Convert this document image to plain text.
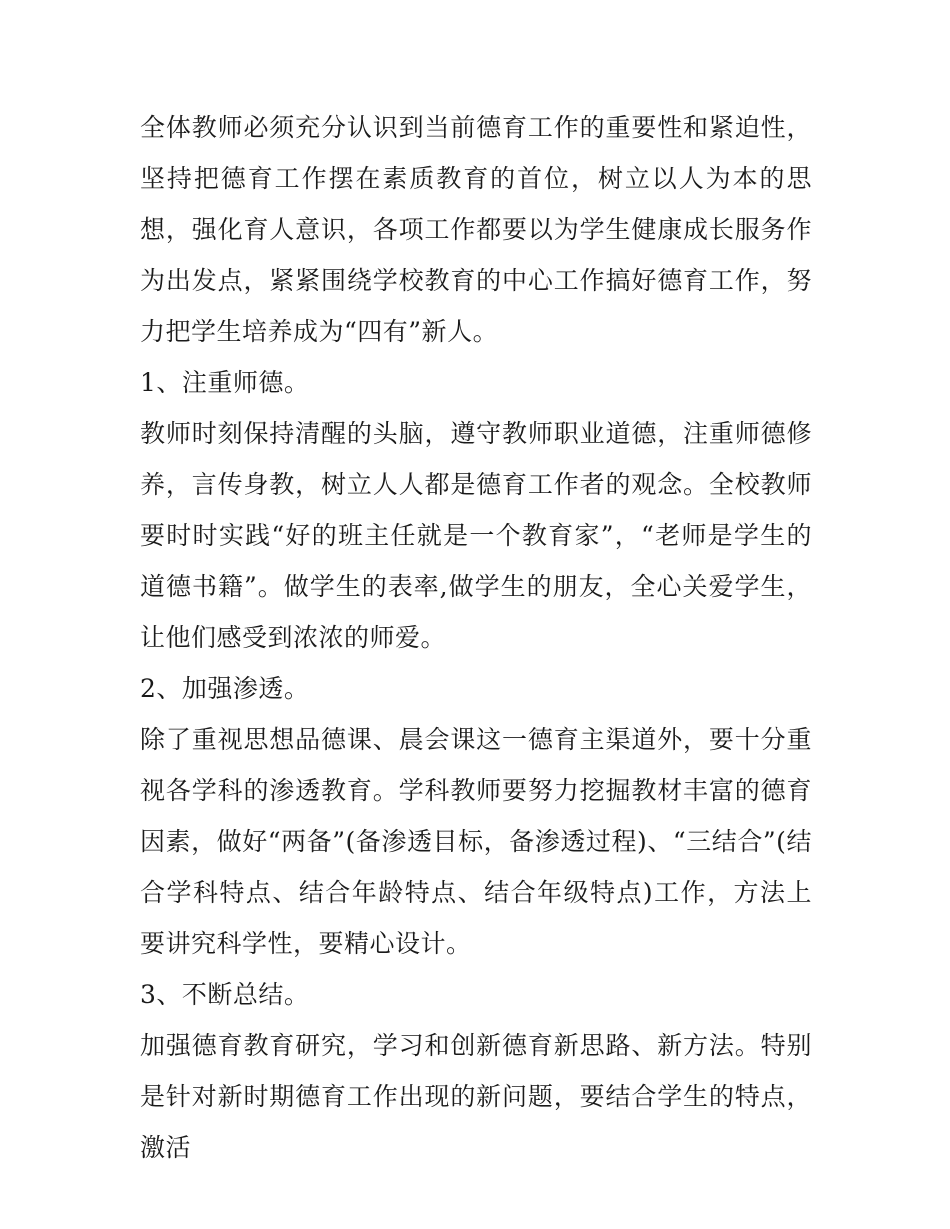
全体教师必须充分认识到当前德育工作的重要性和紧迫性，坚持把德育工作摆在素质教育的首位，树立以人为本的思想，强化育人意识，各项工作都要以为学生健康成长服务作为出发点，紧紧围绕学校教育的中心工作搞好德育工作，努力把学生培养成为“四有”新人。

1、注重师德。

教师时刻保持清醒的头脑，遵守教师职业道德，注重师德修养，言传身教，树立人人都是德育工作者的观念。全校教师要时时实践“好的班主任就是一个教育家”，“老师是学生的道德书籍”。做学生的表率,做学生的朋友，全心关爱学生，让他们感受到浓浓的师爱。

2、加强渗透。

除了重视思想品德课、晨会课这一德育主渠道外，要十分重视各学科的渗透教育。学科教师要努力挖掘教材丰富的德育因素，做好“两备”(备渗透目标，备渗透过程)、“三结合”(结合学科特点、结合年龄特点、结合年级特点)工作，方法上要讲究科学性，要精心设计。

3、不断总结。

加强德育教育研究，学习和创新德育新思路、新方法。特别是针对新时期德育工作出现的新问题，要结合学生的特点，激活
